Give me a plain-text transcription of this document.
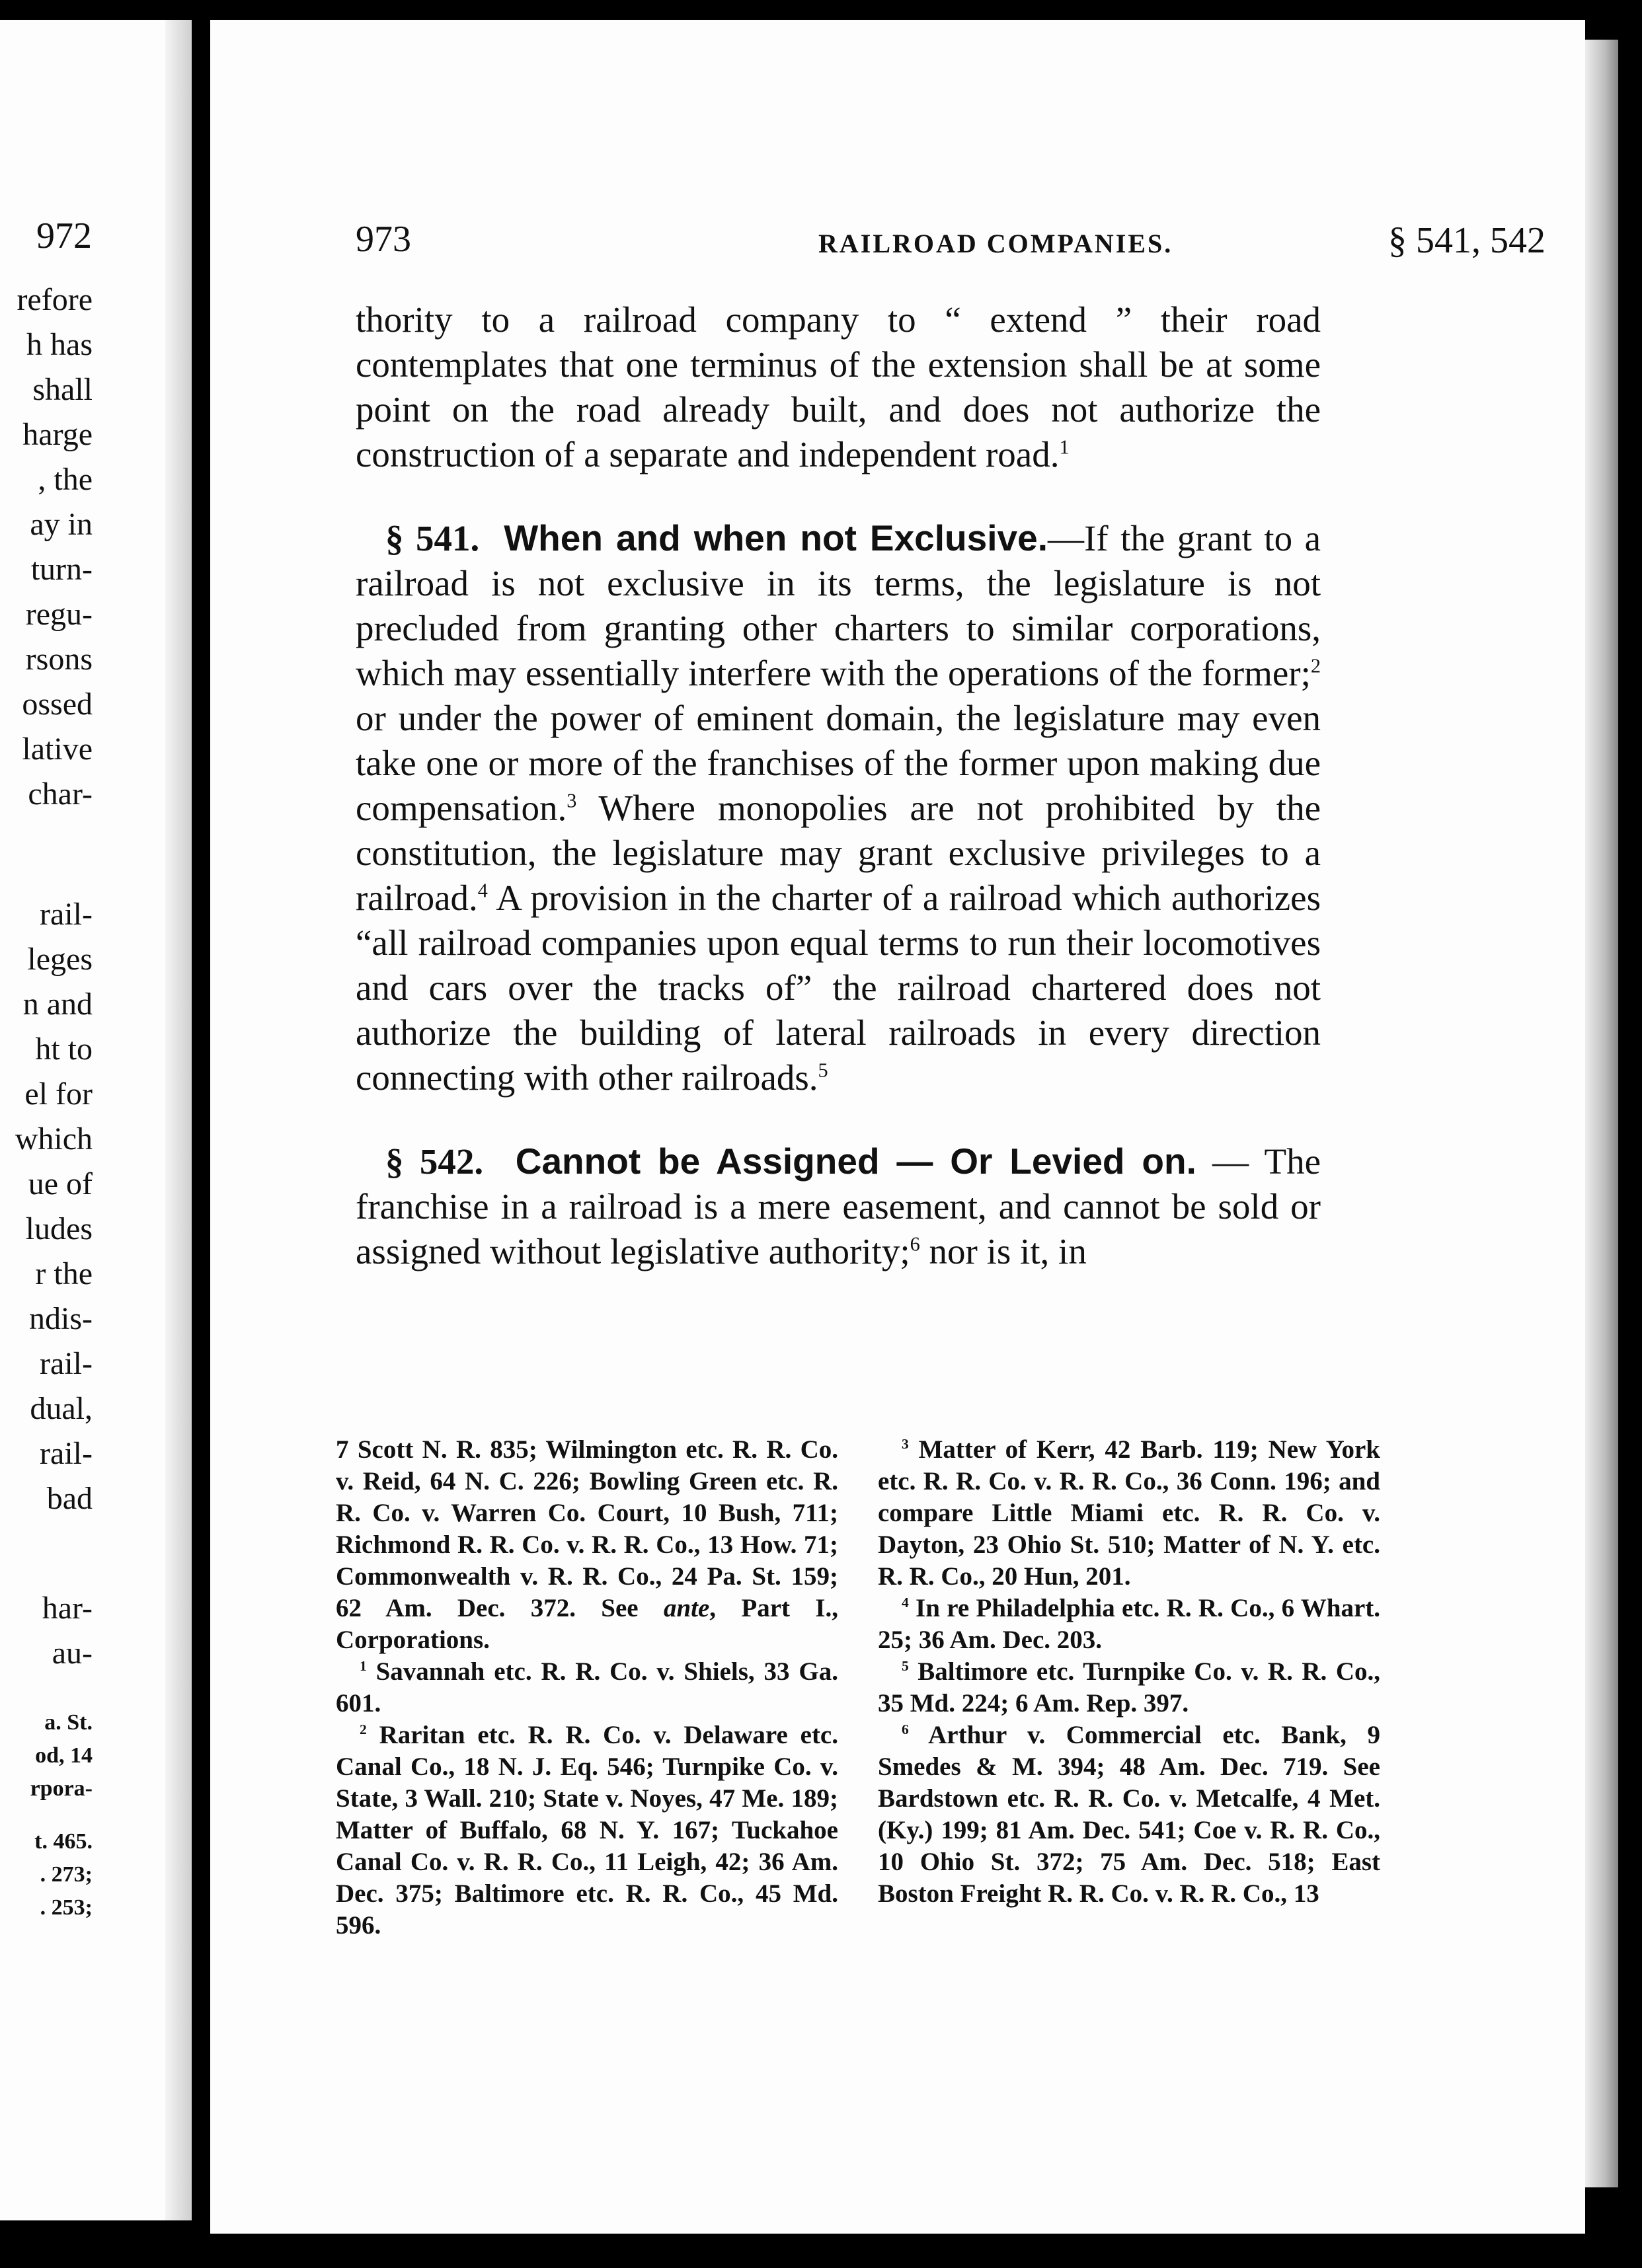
972
refore
h has
shall
harge
, the
ay in
turn-
regu-
rsons
ossed
lative
char-
rail-
leges
n and
ht to
el for
which
ue of
ludes
r the
ndis-
rail-
dual,
rail-
bad
har-
au-
a. St.
od, 14
rpora-
t. 465.
. 273;
. 253;
973	RAILROAD COMPANIES.	§ 541, 542

thority to a railroad company to “ extend ” their road contemplates that one terminus of the extension shall be at some point on the road already built, and does not authorize the construction of a separate and independent road.$^1$

§ 541. When and when not Exclusive.—If the grant to a railroad is not exclusive in its terms, the legislature is not precluded from granting other charters to similar corporations, which may essentially interfere with the operations of the former;$^2$ or under the power of eminent domain, the legislature may even take one or more of the franchises of the former upon making due compensation.$^3$ Where monopolies are not prohibited by the constitution, the legislature may grant exclusive privileges to a railroad.$^4$ A provision in the charter of a railroad which authorizes “all railroad companies upon equal terms to run their locomotives and cars over the tracks of” the railroad chartered does not authorize the building of lateral railroads in every direction connecting with other railroads.$^5$

§ 542. Cannot be Assigned — Or Levied on. — The franchise in a railroad is a mere easement, and cannot be sold or assigned without legislative authority;$^6$ nor is it, in

7 Scott N. R. 835; Wilmington etc. R. R. Co. v. Reid, 64 N. C. 226; Bowling Green etc. R. R. Co. v. Warren Co. Court, 10 Bush, 711; Richmond R. R. Co. v. R. R. Co., 13 How. 71; Commonwealth v. R. R. Co., 24 Pa. St. 159; 62 Am. Dec. 372. See ante, Part I., Corporations.

$^1$ Savannah etc. R. R. Co. v. Shiels, 33 Ga. 601.

$^2$ Raritan etc. R. R. Co. v. Delaware etc. Canal Co., 18 N. J. Eq. 546; Turnpike Co. v. State, 3 Wall. 210; State v. Noyes, 47 Me. 189; Matter of Buffalo, 68 N. Y. 167; Tuckahoe Canal Co. v. R. R. Co., 11 Leigh, 42; 36 Am. Dec. 375; Baltimore etc. R. R. Co., 45 Md. 596.

$^3$ Matter of Kerr, 42 Barb. 119; New York etc. R. R. Co. v. R. R. Co., 36 Conn. 196; and compare Little Miami etc. R. R. Co. v. Dayton, 23 Ohio St. 510; Matter of N. Y. etc. R. R. Co., 20 Hun, 201.

$^4$ In re Philadelphia etc. R. R. Co., 6 Whart. 25; 36 Am. Dec. 203.

$^5$ Baltimore etc. Turnpike Co. v. R. R. Co., 35 Md. 224; 6 Am. Rep. 397.

$^6$ Arthur v. Commercial etc. Bank, 9 Smedes & M. 394; 48 Am. Dec. 719. See Bardstown etc. R. R. Co. v. Metcalfe, 4 Met. (Ky.) 199; 81 Am. Dec. 541; Coe v. R. R. Co., 10 Ohio St. 372; 75 Am. Dec. 518; East Boston Freight R. R. Co. v. R. R. Co., 13
